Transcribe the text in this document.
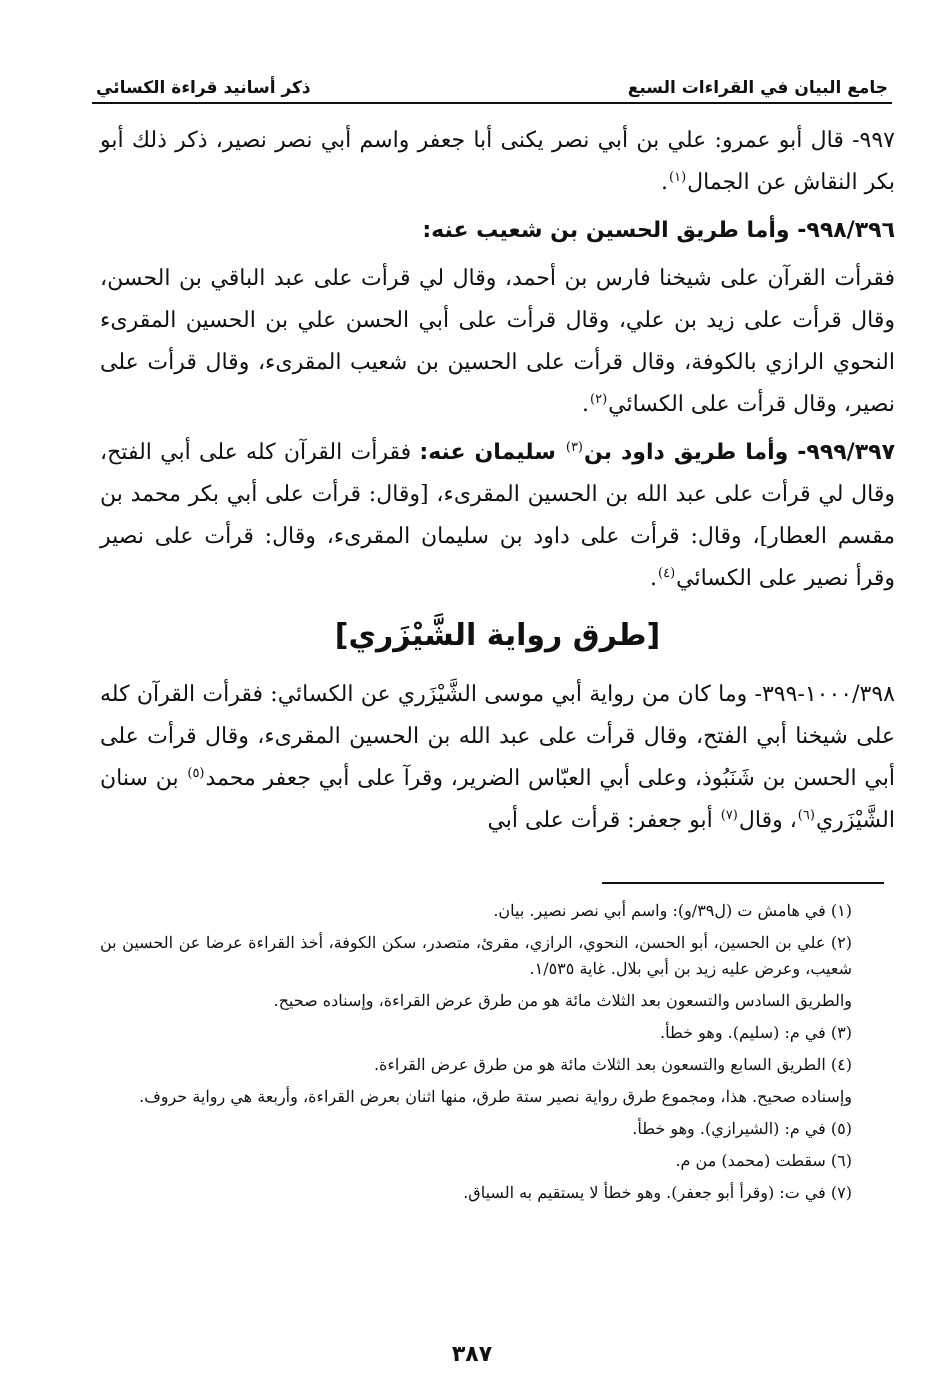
جامع البيان في القراءات السبع
ذكر أسانيد قراءة الكسائي

٩٩٧- قال أبو عمرو: علي بن أبي نصر يكنى أبا جعفر واسم أبي نصر نصير، ذكر ذلك أبو بكر النقاش عن الجمال$^{(١)}$.

٩٩٨/٣٩٦- وأما طريق الحسين بن شعيب عنه:

فقرأت القرآن على شيخنا فارس بن أحمد، وقال لي قرأت على عبد الباقي بن الحسن، وقال قرأت على زيد بن علي، وقال قرأت على أبي الحسن علي بن الحسين المقرىء النحوي الرازي بالكوفة، وقال قرأت على الحسين بن شعيب المقرىء، وقال قرأت على نصير، وقال قرأت على الكسائي$^{(٢)}$.

٩٩٩/٣٩٧- وأما طريق داود بن$^{(٣)}$ سليمان عنه: فقرأت القرآن كله على أبي الفتح، وقال لي قرأت على عبد الله بن الحسين المقرىء، [وقال: قرأت على أبي بكر محمد بن مقسم العطار]، وقال: قرأت على داود بن سليمان المقرىء، وقال: قرأت على نصير وقرأ نصير على الكسائي$^{(٤)}$.

[طرق رواية الشَّيْزَري]

١٠٠٠/٣٩٨-٣٩٩- وما كان من رواية أبي موسى الشَّيْزَري عن الكسائي: فقرأت القرآن كله على شيخنا أبي الفتح، وقال قرأت على عبد الله بن الحسين المقرىء، وقال قرأت على أبي الحسن بن شَنَبُوذ، وعلى أبي العبّاس الضرير، وقرآ على أبي جعفر محمد$^{(٥)}$ بن سنان الشَّيْزَري$^{(٦)}$، وقال$^{(٧)}$ أبو جعفر: قرأت على أبي

(١) في هامش ت (ل٣٩/و): واسم أبي نصر نصير. بيان.

(٢) علي بن الحسين، أبو الحسن، النحوي، الرازي، مقرئ، متصدر، سكن الكوفة، أخذ القراءة عرضا عن الحسين بن شعيب، وعرض عليه زيد بن أبي بلال. غاية ١/٥٣٥.

والطريق السادس والتسعون بعد الثلاث مائة هو من طرق عرض القراءة، وإسناده صحيح.

(٣) في م: (سليم). وهو خطأ.

(٤) الطريق السابع والتسعون بعد الثلاث مائة هو من طرق عرض القراءة.

وإسناده صحيح. هذا، ومجموع طرق رواية نصير ستة طرق، منها اثنان بعرض القراءة، وأربعة هي رواية حروف.

(٥) في م: (الشيرازي). وهو خطأ.

(٦) سقطت (محمد) من م.

(٧) في ت: (وقرأ أبو جعفر). وهو خطأ لا يستقيم به السياق.

٣٨٧
